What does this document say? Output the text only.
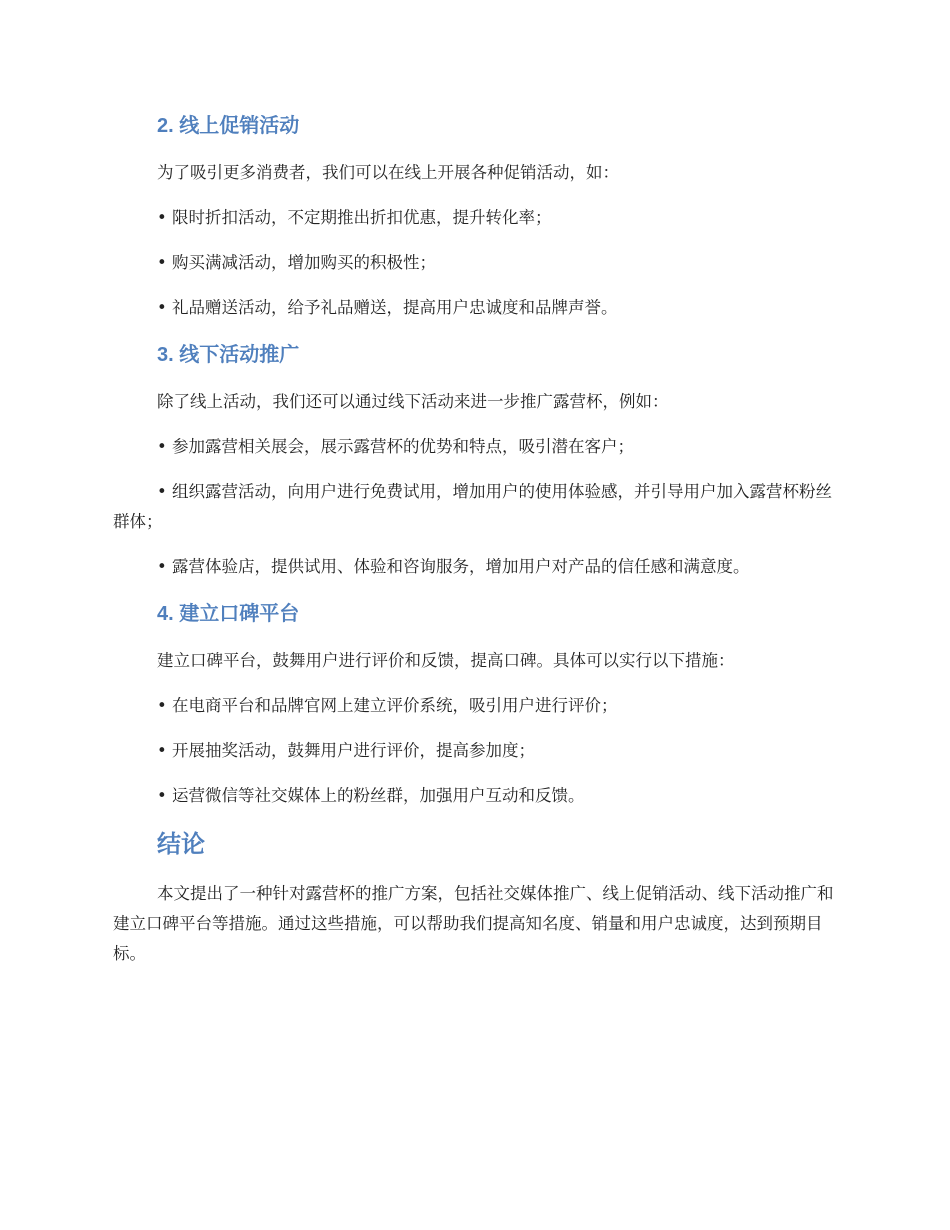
2. 线上促销活动

为了吸引更多消费者，我们可以在线上开展各种促销活动，如：

• 限时折扣活动，不定期推出折扣优惠，提升转化率；

• 购买满减活动，增加购买的积极性；

• 礼品赠送活动，给予礼品赠送，提高用户忠诚度和品牌声誉。

3. 线下活动推广

除了线上活动，我们还可以通过线下活动来进一步推广露营杯，例如：

• 参加露营相关展会，展示露营杯的优势和特点，吸引潜在客户；

• 组织露营活动，向用户进行免费试用，增加用户的使用体验感，并引导用户加入露营杯粉丝群体；

• 露营体验店，提供试用、体验和咨询服务，增加用户对产品的信任感和满意度。

4. 建立口碑平台

建立口碑平台，鼓舞用户进行评价和反馈，提高口碑。具体可以实行以下措施：

• 在电商平台和品牌官网上建立评价系统，吸引用户进行评价；

• 开展抽奖活动，鼓舞用户进行评价，提高参加度；

• 运营微信等社交媒体上的粉丝群，加强用户互动和反馈。

结论

本文提出了一种针对露营杯的推广方案，包括社交媒体推广、线上促销活动、线下活动推广和建立口碑平台等措施。通过这些措施，可以帮助我们提高知名度、销量和用户忠诚度，达到预期目标。
